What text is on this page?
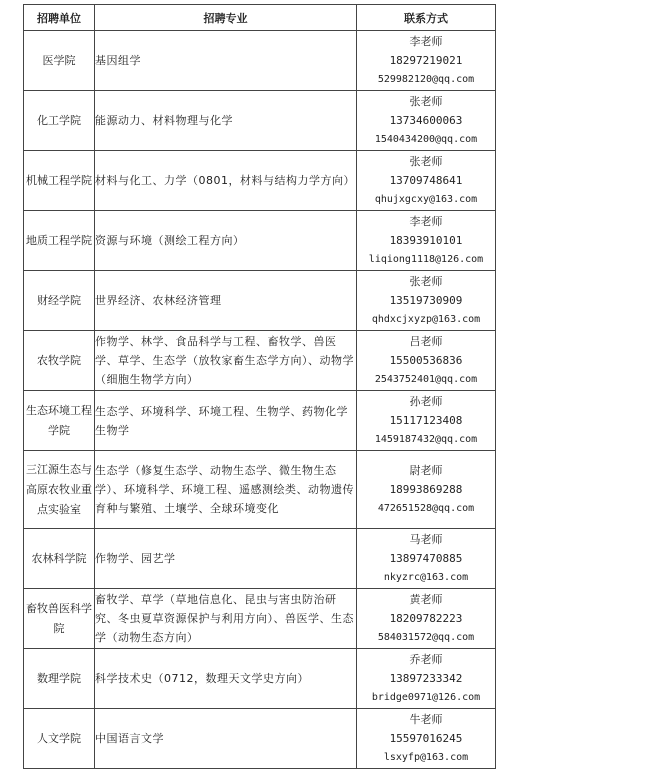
招聘单位	招聘专业	联系方式
医学院	基因组学	李老师
18297219021
529982120@qq.com

化工学院	能源动力、材料物理与化学	张老师
13734600063
1540434200@qq.com

机械工程学院	材料与化工、力学（0801，材料与结构力学方向）	张老师
13709748641
qhujxgcxy@163.com

地质工程学院	资源与环境（测绘工程方向）	李老师
18393910101
liqiong1118@126.com

财经学院	世界经济、农林经济管理	张老师
13519730909
qhdxcjxyzp@163.com

农牧学院	作物学、林学、食品科学与工程、畜牧学、兽医学、草学、生态学（放牧家畜生态学方向）、动物学（细胞生物学方向）	吕老师
15500536836
2543752401@qq.com

生态环境工程学院	生态学、环境科学、环境工程、生物学、药物化学生物学	孙老师
15117123408
1459187432@qq.com

三江源生态与高原农牧业重点实验室	生态学（修复生态学、动物生态学、微生物生态学）、环境科学、环境工程、遥感测绘类、动物遗传育种与繁殖、土壤学、全球环境变化	尉老师
18993869288
472651528@qq.com

农林科学院	作物学、园艺学	马老师
13897470885
nkyzrc@163.com

畜牧兽医科学院	畜牧学、草学（草地信息化、昆虫与害虫防治研究、冬虫夏草资源保护与利用方向）、兽医学、生态学（动物生态方向）	黄老师
18209782223
584031572@qq.com

数理学院	科学技术史（0712，数理天文学史方向）	乔老师
13897233342
bridge0971@126.com

人文学院	中国语言文学	牛老师
15597016245
lsxyfp@163.com
